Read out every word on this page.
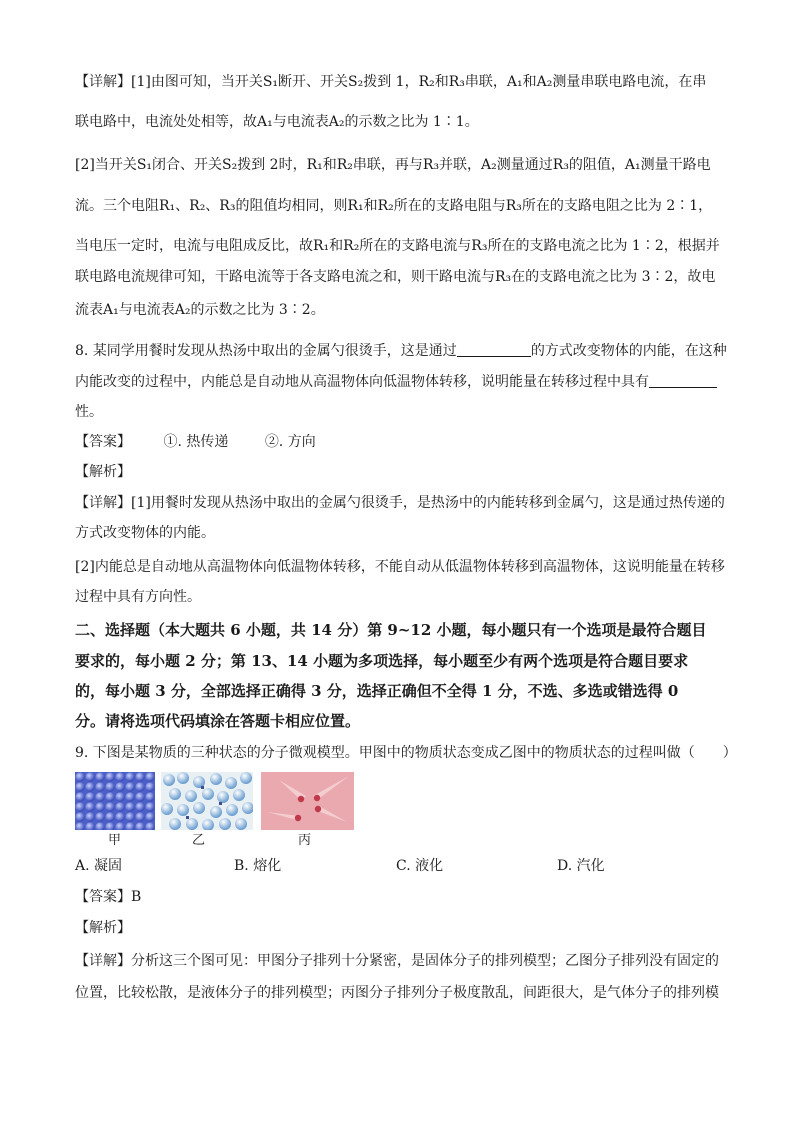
【详解】[1]由图可知，当开关S₁断开、开关S₂拨到 1，R₂和R₃串联，A₁和A₂测量串联电路电流，在串
联电路中，电流处处相等，故A₁与电流表A₂的示数之比为 1∶1。
[2]当开关S₁闭合、开关S₂拨到 2时，R₁和R₂串联，再与R₃并联，A₂测量通过R₃的阻值，A₁测量干路电
流。三个电阻R₁、R₂、R₃的阻值均相同，则R₁和R₂所在的支路电阻与R₃所在的支路电阻之比为 2∶1，
当电压一定时，电流与电阻成反比，故R₁和R₂所在的支路电流与R₃所在的支路电流之比为 1∶2，根据并
联电路电流规律可知，干路电流等于各支路电流之和，则干路电流与R₃在的支路电流之比为 3∶2，故电
流表A₁与电流表A₂的示数之比为 3∶2。
8. 某同学用餐时发现从热汤中取出的金属勺很烫手，这是通过	的方式改变物体的内能，在这种
内能改变的过程中，内能总是自动地从高温物体向低温物体转移，说明能量在转移过程中具有
性。
【答案】 ①. 热传递	②. 方向
【解析】
【详解】[1]用餐时发现从热汤中取出的金属勺很烫手，是热汤中的内能转移到金属勺，这是通过热传递的
方式改变物体的内能。
[2]内能总是自动地从高温物体向低温物体转移，不能自动从低温物体转移到高温物体，这说明能量在转移
过程中具有方向性。
二、选择题（本大题共 6 小题，共 14 分）第 9~12 小题，每小题只有一个选项是最符合题目
要求的，每小题 2 分；第 13、14 小题为多项选择，每小题至少有两个选项是符合题目要求
的，每小题 3 分，全部选择正确得 3 分，选择正确但不全得 1 分，不选、多选或错选得 0
分。请将选项代码填涂在答题卡相应位置。
9. 下图是某物质的三种状态的分子微观模型。甲图中的物质状态变成乙图中的物质状态的过程叫做（　　）
甲	乙	丙
A. 凝固	B. 熔化	C. 液化	D. 汽化
【答案】B
【解析】
【详解】分析这三个图可见：甲图分子排列十分紧密，是固体分子的排列模型；乙图分子排列没有固定的
位置，比较松散，是液体分子的排列模型；丙图分子排列分子极度散乱，间距很大，是气体分子的排列模
